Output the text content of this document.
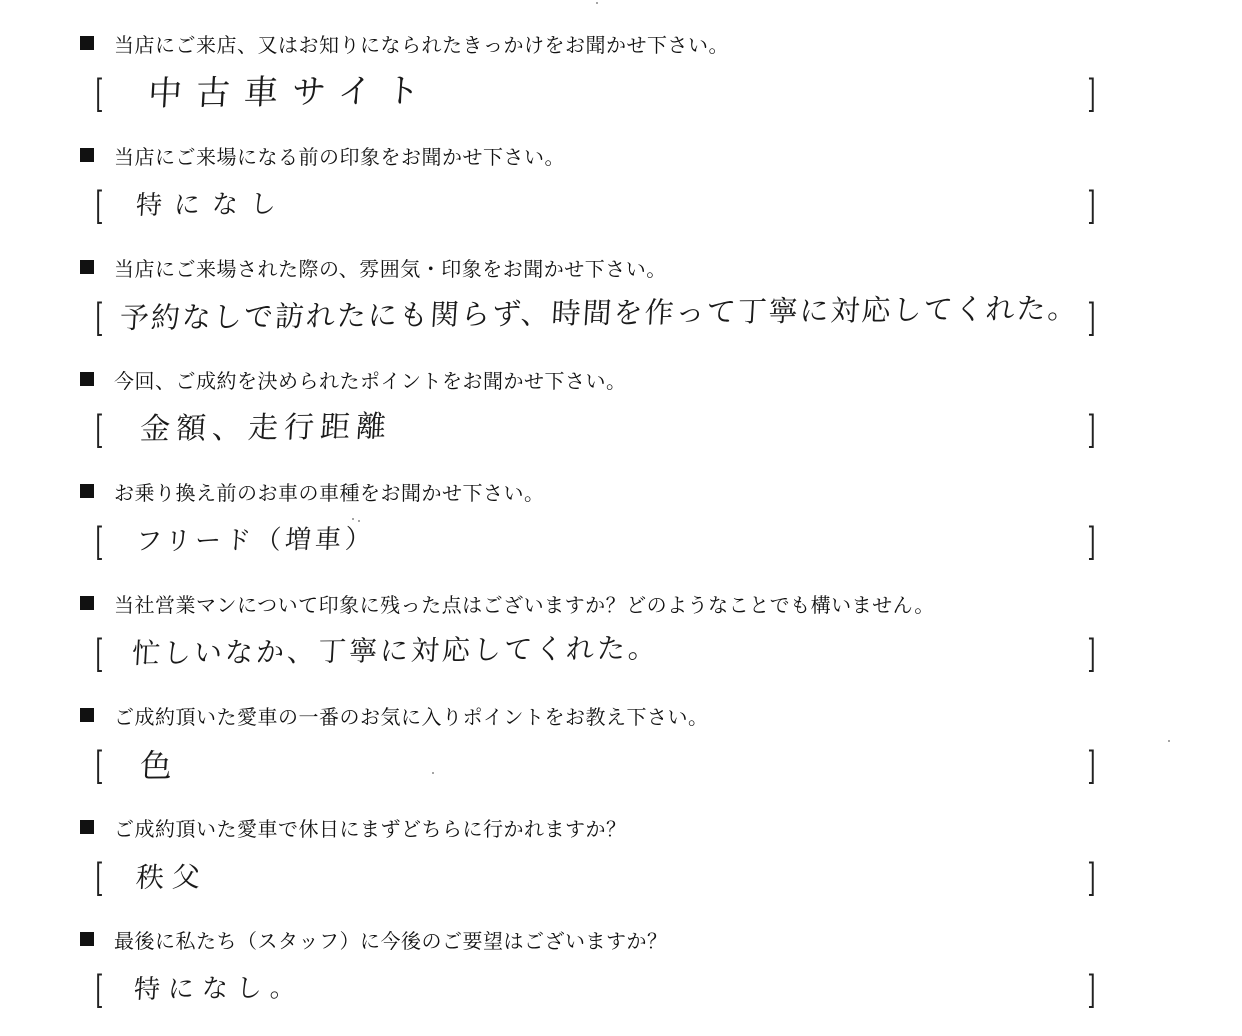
当店にご来店、又はお知りになられたきっかけをお聞かせ下さい。
[ 中古車サイト	]
当店にご来場になる前の印象をお聞かせ下さい。
[ 特になし	]
当店にご来場された際の、雰囲気・印象をお聞かせ下さい。
[ 予約なしで訪れたにも関らず、時間を作って丁寧に対応してくれた。 ]
今回、ご成約を決められたポイントをお聞かせ下さい。
[ 金額、走行距離	]
お乗り換え前のお車の車種をお聞かせ下さい。
[ フリード（増車）	]
当社営業マンについて印象に残った点はございますか？どのようなことでも構いません。
[ 忙しいなか、丁寧に対応してくれた。	]
ご成約頂いた愛車の一番のお気に入りポイントをお教え下さい。
[ 色	]
ご成約頂いた愛車で休日にまずどちらに行かれますか？
[ 秩父	]
最後に私たち（スタッフ）に今後のご要望はございますか？
[ 特になし。	]
